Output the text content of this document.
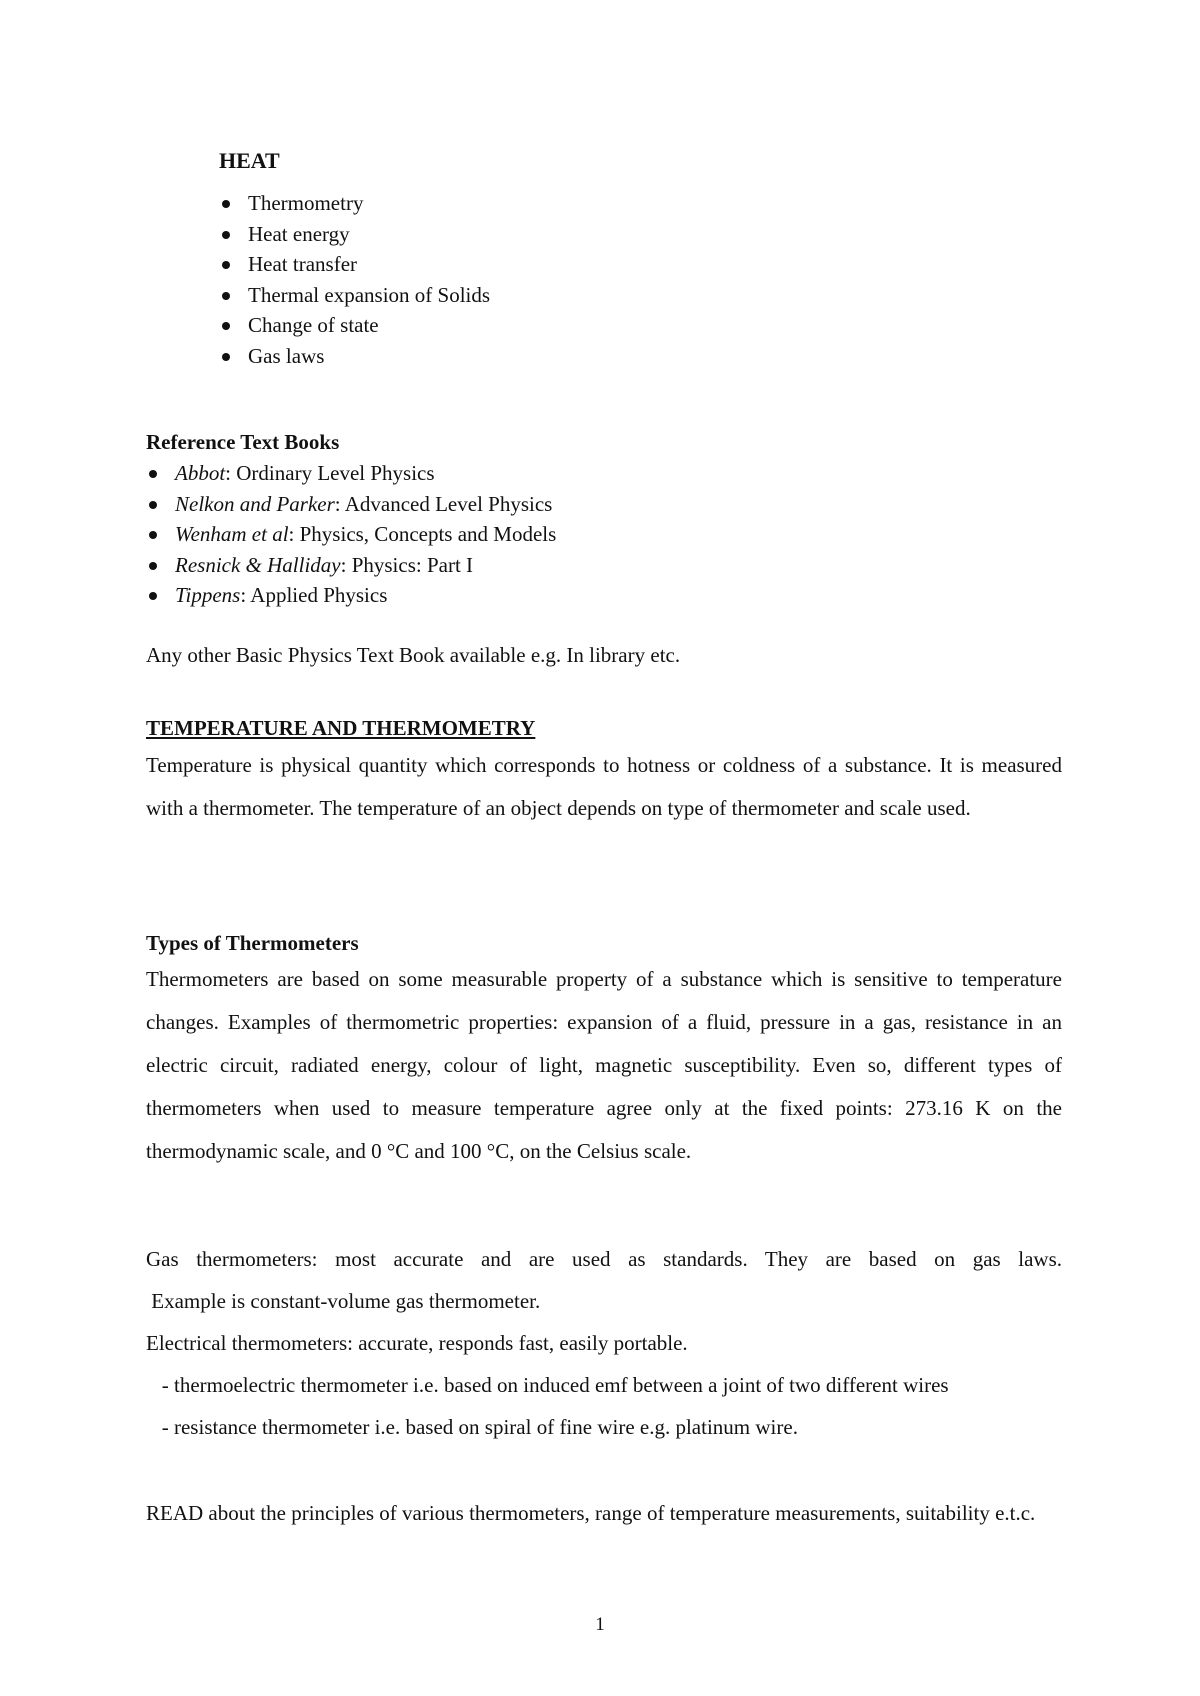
HEAT
Thermometry
Heat energy
Heat transfer
Thermal expansion of Solids
Change of state
Gas laws
Reference Text Books
Abbot: Ordinary Level Physics
Nelkon and Parker: Advanced Level Physics
Wenham et al: Physics, Concepts and Models
Resnick & Halliday: Physics: Part I
Tippens: Applied Physics

Any other Basic Physics Text Book available e.g. In library etc.

TEMPERATURE AND THERMOMETRY

Temperature is physical quantity which corresponds to hotness or coldness of a substance. It is measured with a thermometer. The temperature of an object depends on type of thermometer and scale used.

Types of Thermometers

Thermometers are based on some measurable property of a substance which is sensitive to temperature changes. Examples of thermometric properties: expansion of a fluid, pressure in a gas, resistance in an electric circuit, radiated energy, colour of light, magnetic susceptibility. Even so, different types of thermometers when used to measure temperature agree only at the fixed points: 273.16 K on the thermodynamic scale, and 0 °C and 100 °C, on the Celsius scale.

Gas thermometers: most accurate and are used as standards. They are based on gas laws.

Example is constant-volume gas thermometer.

Electrical thermometers: accurate, responds fast, easily portable.

- thermoelectric thermometer i.e. based on induced emf between a joint of two different wires

- resistance thermometer i.e. based on spiral of fine wire e.g. platinum wire.

READ about the principles of various thermometers, range of temperature measurements, suitability e.t.c.

1
